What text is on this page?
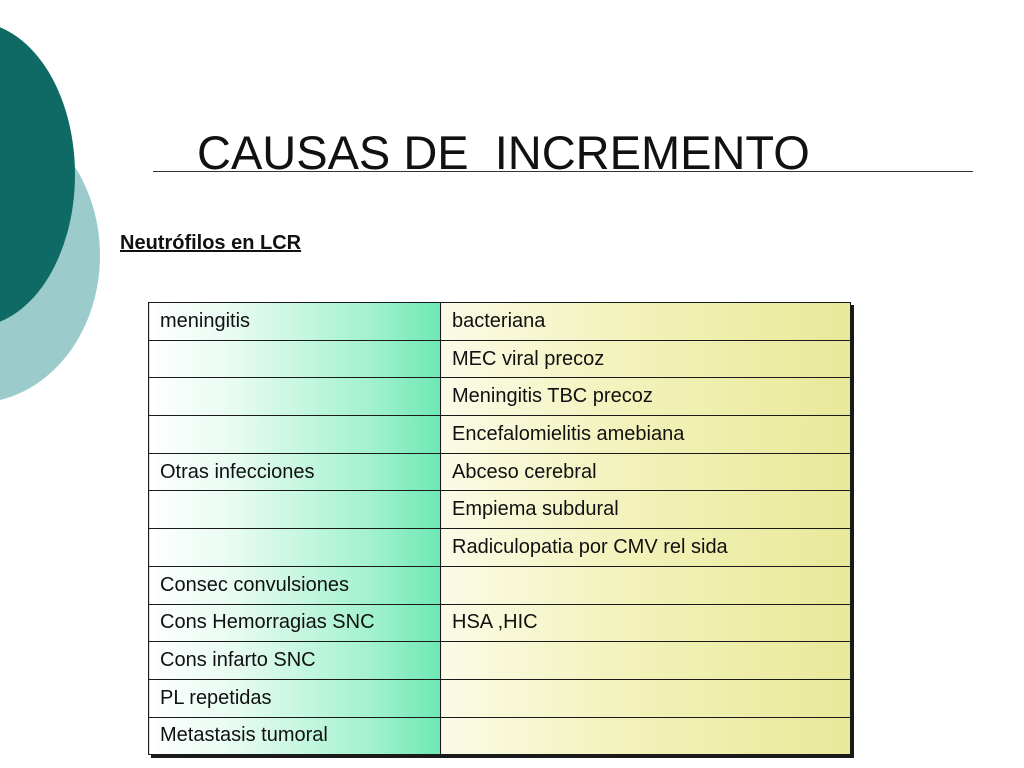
CAUSAS DE  INCREMENTO
Neutrófilos en LCR
meningitis	bacteriana
	MEC viral precoz
	Meningitis TBC precoz
	Encefalomielitis amebiana
Otras infecciones	Abceso cerebral
	Empiema subdural
	Radiculopatia por CMV rel sida
Consec convulsiones	
Cons Hemorragias SNC	HSA ,HIC
Cons infarto SNC	
PL repetidas	
Metastasis tumoral	
